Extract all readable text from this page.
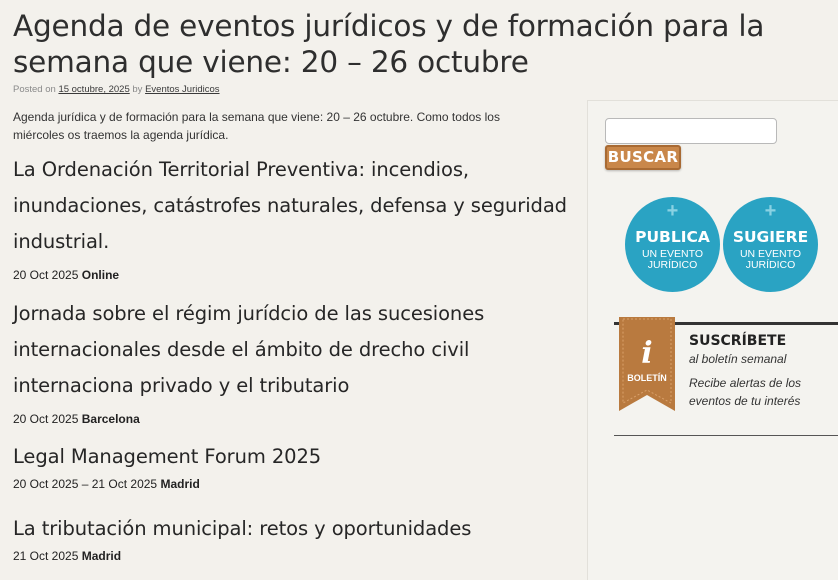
Agenda de eventos jurídicos y de formación para la semana que viene: 20 – 26 octubre
Posted on 15 octubre, 2025 by Eventos Juridicos

Agenda jurídica y de formación para la semana que viene: 20 – 26 octubre. Como todos los miércoles os traemos la agenda jurídica.

La Ordenación Territorial Preventiva: incendios, inundaciones, catástrofes naturales, defensa y seguridad industrial.
20 Oct 2025 Online
Jornada sobre el régim jurídcio de las sucesiones internacionales desde el ámbito de drecho civil internaciona privado y el tributario
20 Oct 2025 Barcelona
Legal Management Forum 2025
20 Oct 2025 – 21 Oct 2025 Madrid
La tributación municipal: retos y oportunidades
21 Oct 2025 Madrid
BUSCAR
+
PUBLICA
UN EVENTO JURÍDICO
+
SUGIERE
UN EVENTO JURÍDICO
i
BOLETÍN
SUSCRÍBETE
al boletín semanal
Recibe alertas de los
eventos de tu interés
